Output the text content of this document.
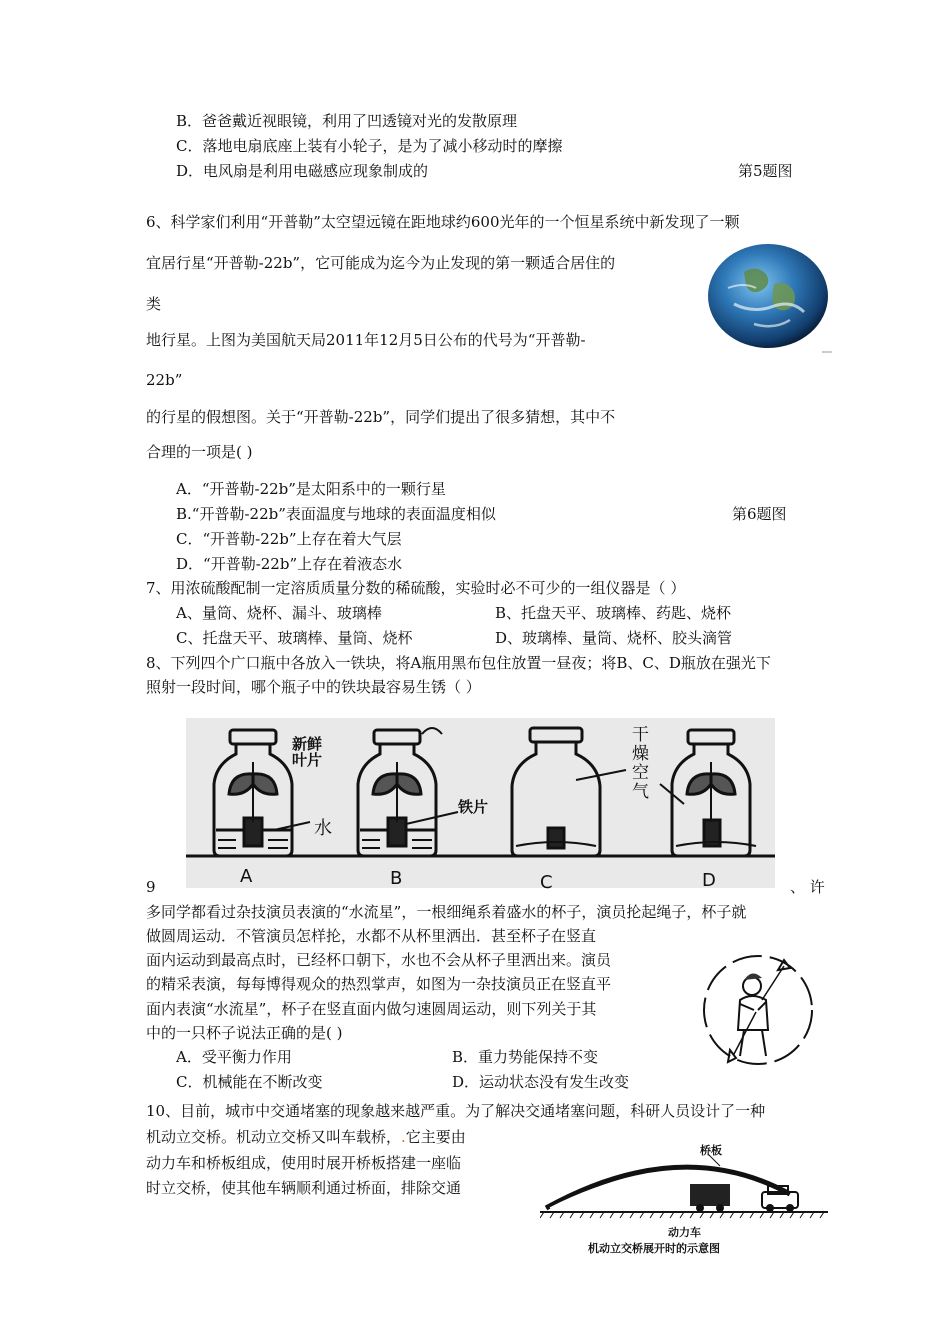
B．爸爸戴近视眼镜，利用了凹透镜对光的发散原理
C．落地电扇底座上装有小轮子，是为了减小移动时的摩擦
D．电风扇是利用电磁感应现象制成的	第5题图
6、科学家们利用“开普勒”太空望远镜在距地球约600光年的一个恒星系统中新发现了一颗
宜居行星“开普勒-22b”，它可能成为迄今为止发现的第一颗适合居住的
类
地行星。上图为美国航天局2011年12月5日公布的代号为“开普勒-
22b”
的行星的假想图。关于“开普勒-22b”，同学们提出了很多猜想，其中不
合理的一项是( )
A．“开普勒-22b”是太阳系中的一颗行星
B.“开普勒-22b”表面温度与地球的表面温度相似	第6题图
C．“开普勒-22b”上存在着大气层
D．“开普勒-22b”上存在着液态水
7、用浓硫酸配制一定溶质质量分数的稀硫酸，实验时必不可少的一组仪器是（ ）
A、量筒、烧杯、漏斗、玻璃棒	B、托盘天平、玻璃棒、药匙、烧杯
C、托盘天平、玻璃棒、量筒、烧杯	D、玻璃棒、量筒、烧杯、胶头滴管
8、下列四个广口瓶中各放入一铁块，将A瓶用黑布包住放置一昼夜；将B、C、D瓶放在强光下
照射一段时间，哪个瓶子中的铁块最容易生锈（ ）
新鲜叶片
水
铁片
干燥空气
A	B	C	D
9	、 许
多同学都看过杂技演员表演的“水流星”，一根细绳系着盛水的杯子，演员抡起绳子，杯子就
做圆周运动．不管演员怎样抡，水都不从杯里洒出．甚至杯子在竖直
面内运动到最高点时，已经杯口朝下，水也不会从杯子里洒出来。演员
的精采表演，每每博得观众的热烈掌声，如图为一杂技演员正在竖直平
面内表演“水流星”，杯子在竖直面内做匀速圆周运动，则下列关于其
中的一只杯子说法正确的是( )
A．受平衡力作用	B．重力势能保持不变
C．机械能在不断改变	D．运动状态没有发生改变
10、目前，城市中交通堵塞的现象越来越严重。为了解决交通堵塞问题，科研人员设计了一种
机动立交桥。机动立交桥又叫车载桥，.它主要由
动力车和桥板组成，使用时展开桥板搭建一座临
时立交桥，使其他车辆顺利通过桥面，排除交通
桥板
动力车
机动立交桥展开时的示意图
